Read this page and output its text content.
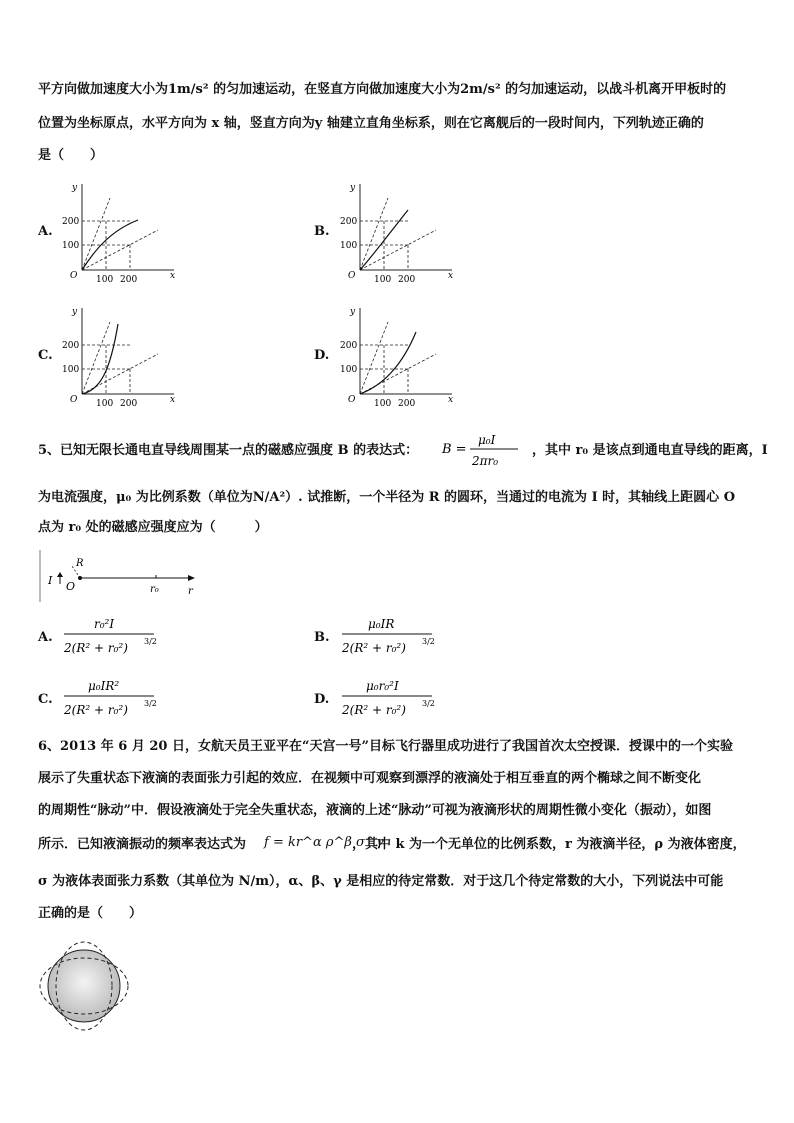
平方向做加速度大小为1m/s² 的匀加速运动，在竖直方向做加速度大小为2m/s² 的匀加速运动，以战斗机离开甲板时的
位置为坐标原点，水平方向为 x 轴，竖直方向为y 轴建立直角坐标系，则在它离舰后的一段时间内，下列轨迹正确的
是（　　）
A.	B.
C.	D.
y
x
O
200
100
100 200
y
x
O
200
100
100 200
y
x
O
200
100
100 200
y
x
O
200
100
100 200
5、已知无限长通电直导线周围某一点的磁感应强度 B 的表达式： B =
μ₀I
2πr₀
，其中 r₀ 是该点到通电直导线的距离，I
为电流强度，μ₀ 为比例系数（单位为N/A²）. 试推断，一个半径为 R 的圆环，当通过的电流为 I 时，其轴线上距圆心 O
点为 r₀ 处的磁感应强度应为（　　　）
I O
R
r₀	r
A.
r₀²I
2(R² + r₀²) 3/2	B.
μ₀IR
2(R² + r₀²) 3/2
C.
μ₀IR²
2(R² + r₀²) 3/2	D.
μ₀r₀²I
2(R² + r₀²) 3/2
6、2013 年 6 月 20 日，女航天员王亚平在“天宫一号”目标飞行器里成功进行了我国首次太空授课．授课中的一个实验
展示了失重状态下液滴的表面张力引起的效应．在视频中可观察到漂浮的液滴处于相互垂直的两个椭球之间不断变化
的周期性“脉动”中．假设液滴处于完全失重状态，液滴的上述“脉动”可视为液滴形状的周期性微小变化（振动），如图
所示．已知液滴振动的频率表达式为 f = kr^α ρ^β σ^γ
，其中 k 为一个无单位的比例系数，r 为液滴半径，ρ 为液体密度，
σ 为液体表面张力系数（其单位为 N/m），α、β、γ 是相应的待定常数．对于这几个待定常数的大小，下列说法中可能
正确的是（　　）
